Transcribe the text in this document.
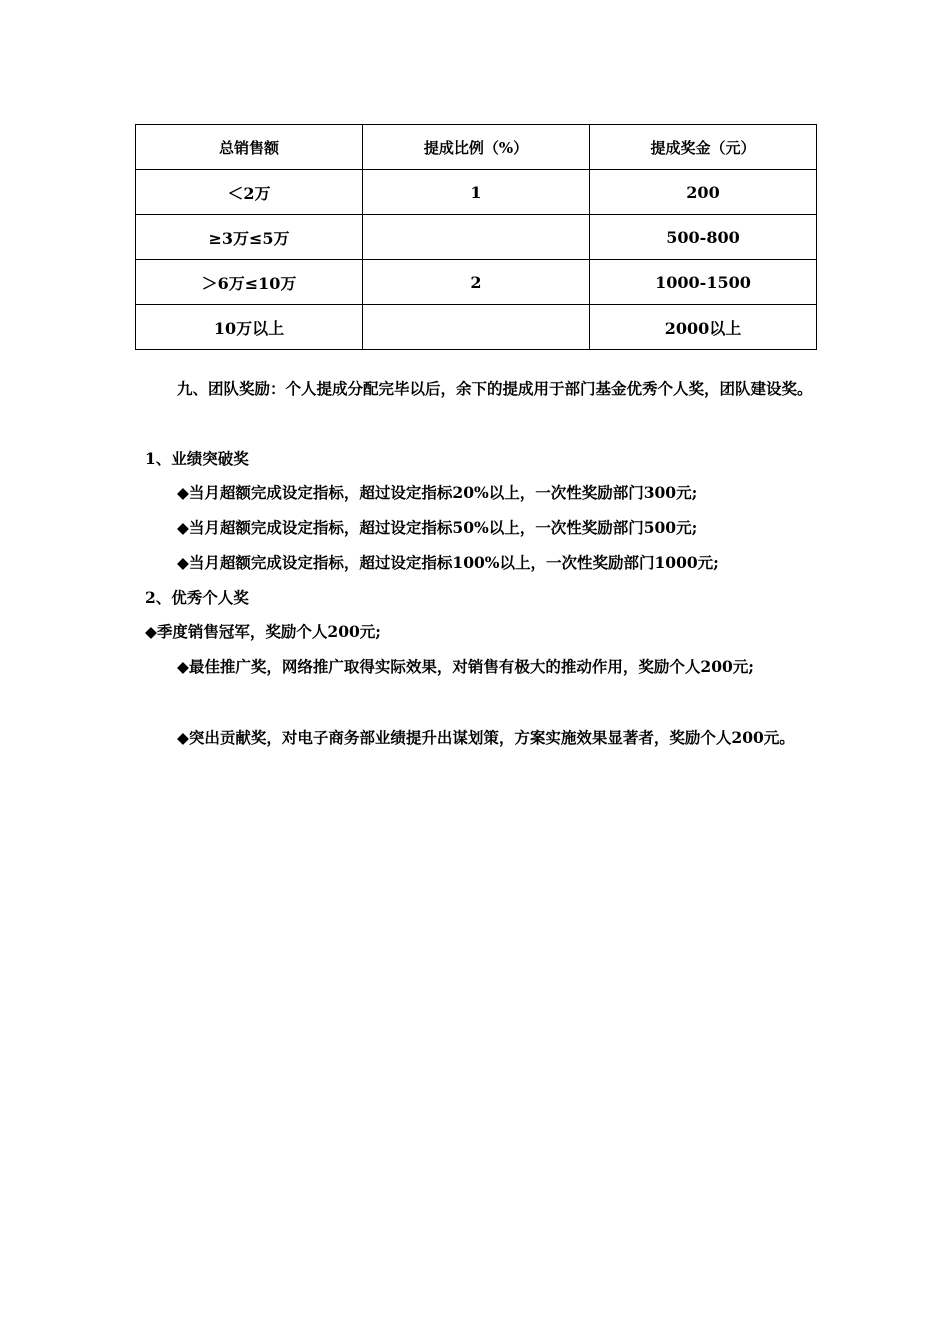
总销售额	提成比例（%）	提成奖金（元）
＜2万	1	200
≥3万≤5万		500-800
＞6万≤10万	2	1000-1500
10万以上		2000以上
九、团队奖励：个人提成分配完毕以后，余下的提成用于部门基金优秀个人奖，团队建设奖。
1、业绩突破奖
◆当月超额完成设定指标，超过设定指标20%以上，一次性奖励部门300元;
◆当月超额完成设定指标，超过设定指标50%以上，一次性奖励部门500元;
◆当月超额完成设定指标，超过设定指标100%以上，一次性奖励部门1000元;
2、优秀个人奖
◆季度销售冠军，奖励个人200元;
◆最佳推广奖，网络推广取得实际效果，对销售有极大的推动作用，奖励个人200元;
◆突出贡献奖，对电子商务部业绩提升出谋划策，方案实施效果显著者，奖励个人200元。
